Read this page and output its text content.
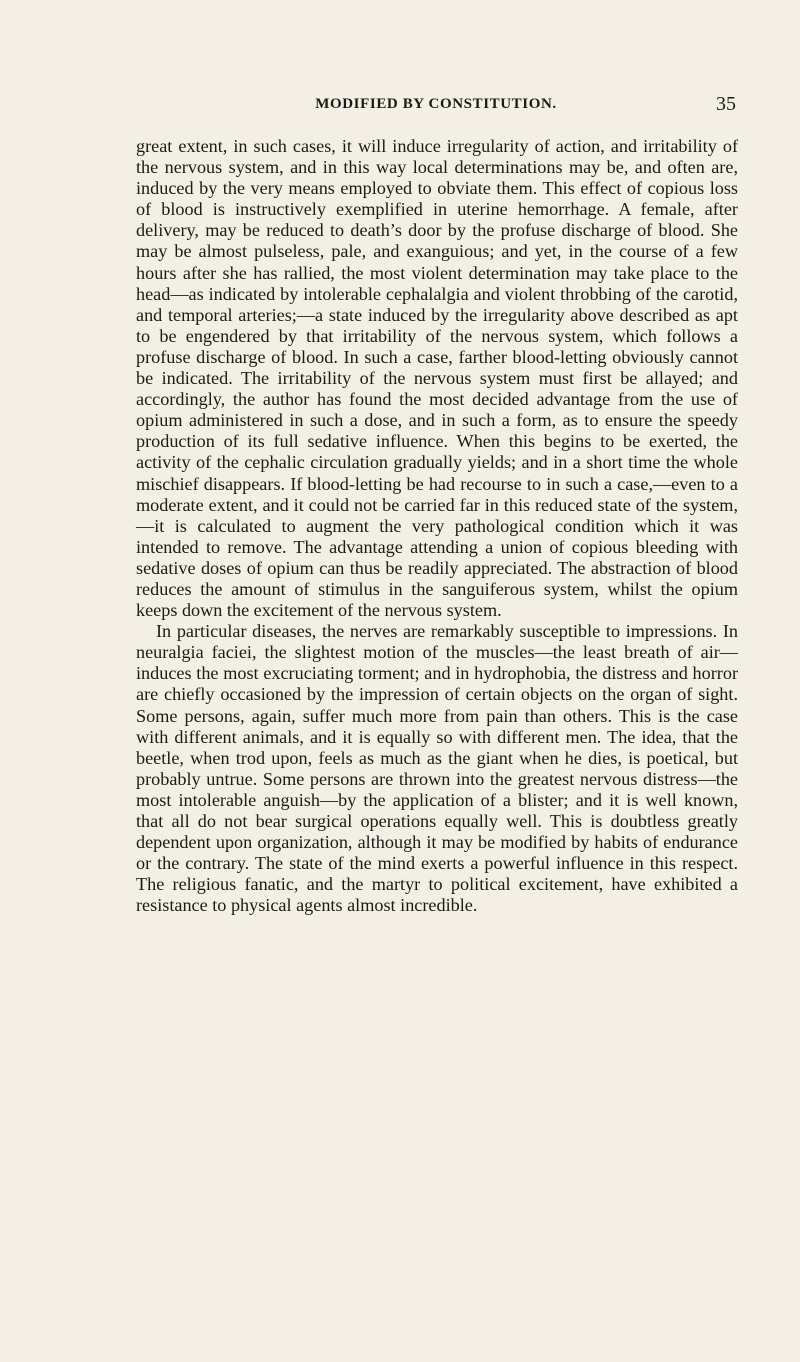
MODIFIED BY CONSTITUTION.	35

great extent, in such cases, it will induce irregularity of action, and irritability of the nervous system, and in this way local determinations may be, and often are, induced by the very means employed to obviate them. This effect of copious loss of blood is instructively exemplified in uterine hemorrhage. A female, after delivery, may be reduced to death’s door by the profuse discharge of blood. She may be almost pulseless, pale, and exanguious; and yet, in the course of a few hours after she has rallied, the most violent determination may take place to the head—as indicated by intolerable cephalalgia and violent throbbing of the carotid, and temporal arteries;—a state induced by the irregularity above described as apt to be engendered by that irritability of the nervous system, which follows a profuse discharge of blood. In such a case, farther blood-letting obviously cannot be indicated. The irritability of the nervous system must first be allayed; and accordingly, the author has found the most decided advantage from the use of opium administered in such a dose, and in such a form, as to ensure the speedy production of its full sedative influence. When this begins to be exerted, the activity of the cephalic circulation gradually yields; and in a short time the whole mischief disappears. If blood-letting be had recourse to in such a case,—even to a moderate extent, and it could not be carried far in this reduced state of the system, —it is calculated to augment the very pathological condition which it was intended to remove. The advantage attending a union of copious bleeding with sedative doses of opium can thus be readily appreciated. The abstraction of blood reduces the amount of stimulus in the sanguiferous system, whilst the opium keeps down the excitement of the nervous system.

In particular diseases, the nerves are remarkably susceptible to impressions. In neuralgia faciei, the slightest motion of the muscles—the least breath of air—induces the most excruciating torment; and in hydrophobia, the distress and horror are chiefly occasioned by the impression of certain objects on the organ of sight. Some persons, again, suffer much more from pain than others. This is the case with different animals, and it is equally so with different men. The idea, that the beetle, when trod upon, feels as much as the giant when he dies, is poetical, but probably untrue. Some persons are thrown into the greatest nervous distress—the most intolerable anguish—by the application of a blister; and it is well known, that all do not bear surgical operations equally well. This is doubtless greatly dependent upon organization, although it may be modified by habits of endurance or the contrary. The state of the mind exerts a powerful influence in this respect. The religious fanatic, and the martyr to political excitement, have exhibited a resistance to physical agents almost incredible.
